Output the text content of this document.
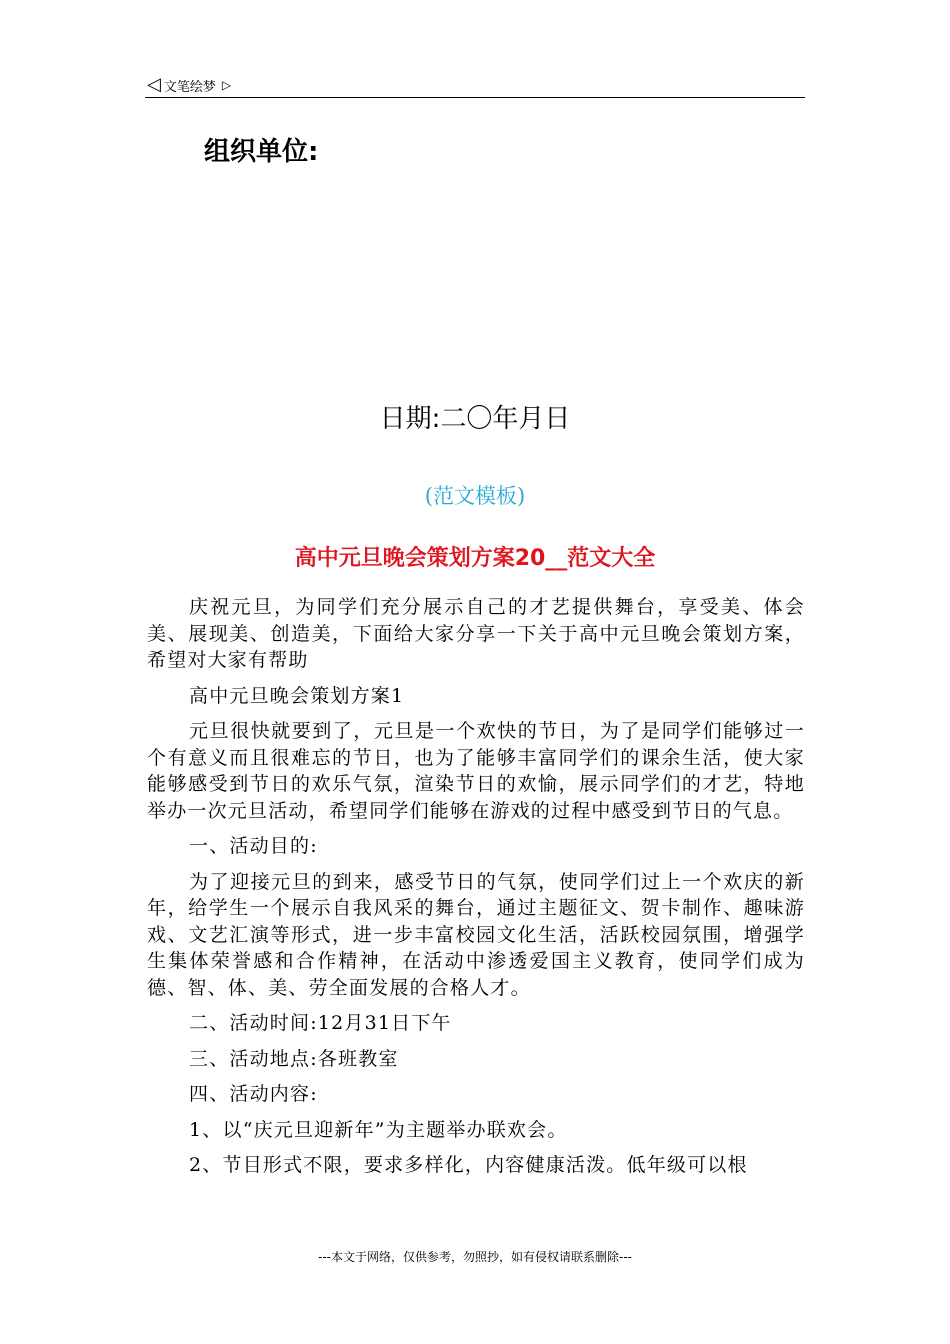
◁ 文笔绘梦 ▷
组织单位:
日期:二〇年月日
(范文模板)
高中元旦晚会策划方案20__范文大全

庆祝元旦，为同学们充分展示自己的才艺提供舞台，享受美、体会美、展现美、创造美，下面给大家分享一下关于高中元旦晚会策划方案，希望对大家有帮助

高中元旦晚会策划方案1

元旦很快就要到了，元旦是一个欢快的节日，为了是同学们能够过一个有意义而且很难忘的节日，也为了能够丰富同学们的课余生活，使大家能够感受到节日的欢乐气氛，渲染节日的欢愉，展示同学们的才艺，特地举办一次元旦活动，希望同学们能够在游戏的过程中感受到节日的气息。

一、活动目的:

为了迎接元旦的到来，感受节日的气氛，使同学们过上一个欢庆的新年，给学生一个展示自我风采的舞台，通过主题征文、贺卡制作、趣味游戏、文艺汇演等形式，进一步丰富校园文化生活，活跃校园氛围，增强学生集体荣誉感和合作精神，在活动中渗透爱国主义教育，使同学们成为德、智、体、美、劳全面发展的合格人才。

二、活动时间:12月31日下午

三、活动地点:各班教室

四、活动内容:

1、以“庆元旦迎新年”为主题举办联欢会。

2、节目形式不限，要求多样化，内容健康活泼。低年级可以根

---本文于网络，仅供参考，勿照抄，如有侵权请联系删除---
